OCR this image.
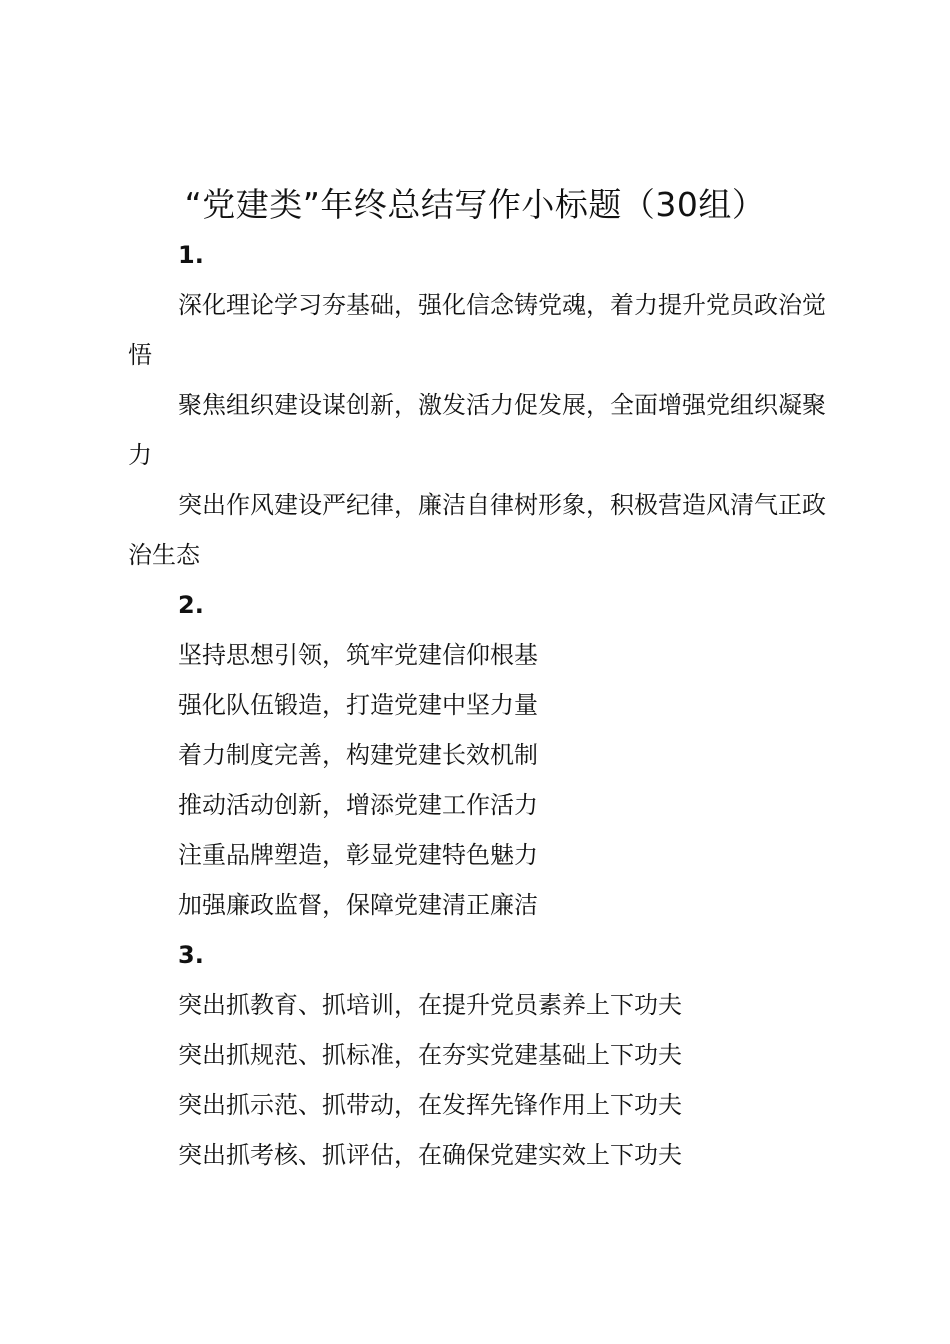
“党建类”年终总结写作小标题（30组）
1.

深化理论学习夯基础，强化信念铸党魂，着力提升党员政治觉悟

聚焦组织建设谋创新，激发活力促发展，全面增强党组织凝聚力

突出作风建设严纪律，廉洁自律树形象，积极营造风清气正政治生态

2.

坚持思想引领，筑牢党建信仰根基

强化队伍锻造，打造党建中坚力量

着力制度完善，构建党建长效机制

推动活动创新，增添党建工作活力

注重品牌塑造，彰显党建特色魅力

加强廉政监督，保障党建清正廉洁

3.

突出抓教育、抓培训，在提升党员素养上下功夫

突出抓规范、抓标准，在夯实党建基础上下功夫

突出抓示范、抓带动，在发挥先锋作用上下功夫

突出抓考核、抓评估，在确保党建实效上下功夫
